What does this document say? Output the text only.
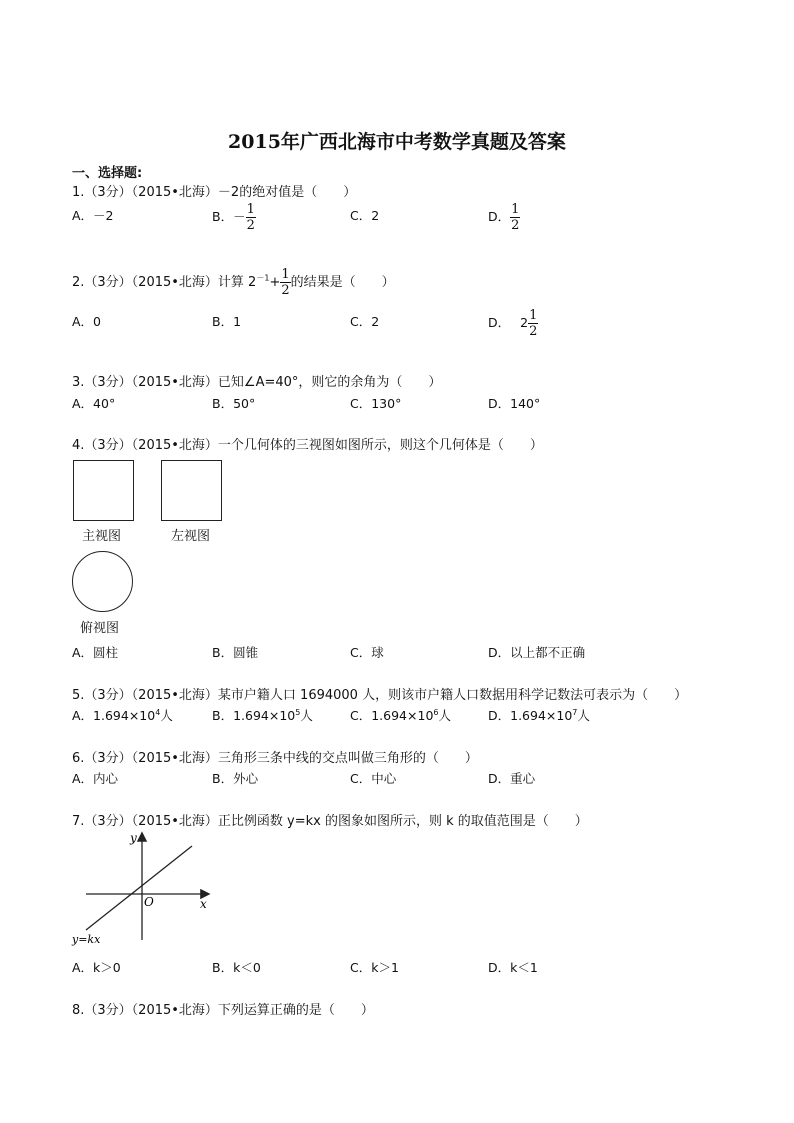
2015年广西北海市中考数学真题及答案
一、选择题:
1.（3分）（2015•北海）－2的绝对值是（　　）
A．－2	B．－ $\frac{1}{2}$	C．2	D． $\frac{1}{2}$
2.（3分）（2015•北海）计算 $2^{-1}+ \frac{1}{2}$ 的结果是（　　）
A．0	B．1	C．2	D． $2 \frac{1}{2}$
3.（3分）（2015•北海）已知∠A=40°，则它的余角为（　　）
A．40°	B．50°	C．130°	D．140°
4.（3分）（2015•北海）一个几何体的三视图如图所示，则这个几何体是（　　）
主视图	左视图
俯视图
A．圆柱	B．圆锥	C．球	D．以上都不正确
5.（3分）（2015•北海）某市户籍人口 1694000 人，则该市户籍人口数据用科学记数法可表示为（　　）
A．$1.694\times 10^4$人	B．$1.694\times 10^5$人	C．$1.694\times 10^6$人	D．$1.694\times 10^7$人
6.（3分）（2015•北海）三角形三条中线的交点叫做三角形的（　　）
A．内心	B．外心	C．中心	D．重心
7.（3分）（2015•北海）正比例函数 y=kx 的图象如图所示，则 k 的取值范围是（　　）
y
x
O
y=kx
A．k＞0	B．k＜0	C．k＞1	D．k＜1
8.（3分）（2015•北海）下列运算正确的是（　　）
